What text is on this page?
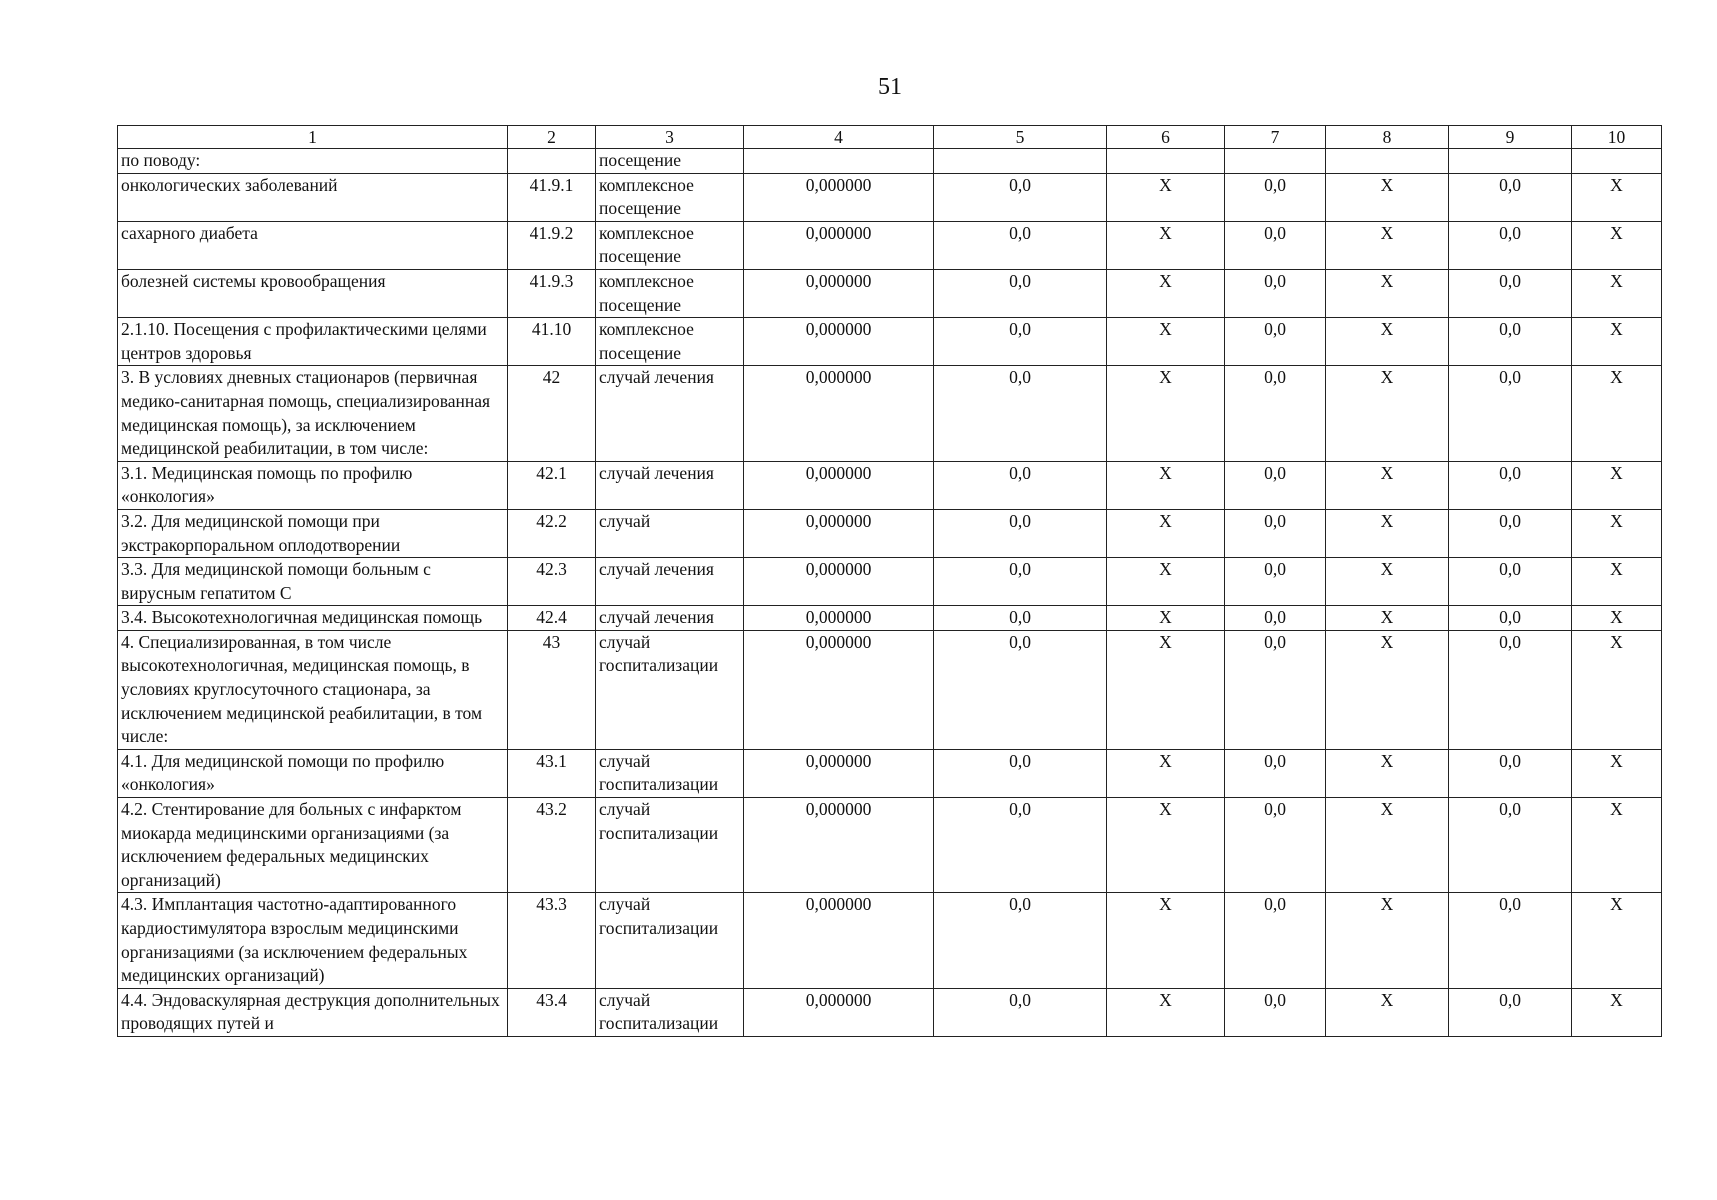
51
1	2	3	4	5	6	7	8	9	10
по поводу:		посещение							
онкологических заболеваний	41.9.1	комплексное посещение	0,000000	0,0	X	0,0	X	0,0	X
сахарного диабета	41.9.2	комплексное посещение	0,000000	0,0	X	0,0	X	0,0	X
болезней системы кровообращения	41.9.3	комплексное посещение	0,000000	0,0	X	0,0	X	0,0	X
2.1.10. Посещения с профилактическими целями центров здоровья	41.10	комплексное посещение	0,000000	0,0	X	0,0	X	0,0	X
3. В условиях дневных стационаров (первичная медико-санитарная помощь, специализированная медицинская помощь), за исключением медицинской реабилитации, в том числе:	42	случай лечения	0,000000	0,0	X	0,0	X	0,0	X
3.1. Медицинская помощь по профилю «онкология»	42.1	случай лечения	0,000000	0,0	X	0,0	X	0,0	X
3.2. Для медицинской помощи при экстракорпоральном оплодотворении	42.2	случай	0,000000	0,0	X	0,0	X	0,0	X
3.3. Для медицинской помощи больным с вирусным гепатитом С	42.3	случай лечения	0,000000	0,0	X	0,0	X	0,0	X
3.4. Высокотехнологичная медицинская помощь	42.4	случай лечения	0,000000	0,0	X	0,0	X	0,0	X
4. Специализированная, в том числе высокотехнологичная, медицинская помощь, в условиях круглосуточного стационара, за исключением медицинской реабилитации, в том числе:	43	случай госпитализации	0,000000	0,0	X	0,0	X	0,0	X
4.1. Для медицинской помощи по профилю «онкология»	43.1	случай госпитализации	0,000000	0,0	X	0,0	X	0,0	X
4.2. Стентирование для больных с инфарктом миокарда медицинскими организациями (за исключением федеральных медицинских организаций)	43.2	случай госпитализации	0,000000	0,0	X	0,0	X	0,0	X
4.3. Имплантация частотно-адаптированного кардиостимулятора взрослым медицинскими организациями (за исключением федеральных медицинских организаций)	43.3	случай госпитализации	0,000000	0,0	X	0,0	X	0,0	X
4.4. Эндоваскулярная деструкция дополнительных проводящих путей и	43.4	случай госпитализации	0,000000	0,0	X	0,0	X	0,0	X
